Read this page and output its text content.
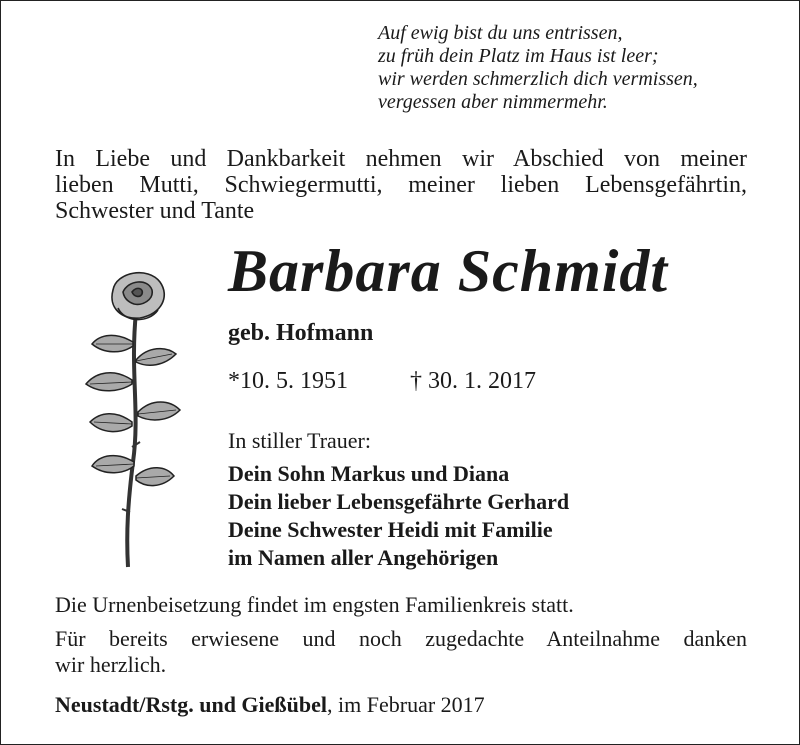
Auf ewig bist du uns entrissen,
zu früh dein Platz im Haus ist leer;
wir werden schmerzlich dich vermissen,
vergessen aber nimmermehr.
In Liebe und Dankbarkeit nehmen wir Abschied von meiner
lieben Mutti, Schwiegermutti, meiner lieben Lebensgefährtin,
Schwester und Tante
Barbara Schmidt
geb. Hofmann
*10. 5. 1951	† 30. 1. 2017
In stiller Trauer:
Dein Sohn Markus und Diana
Dein lieber Lebensgefährte Gerhard
Deine Schwester Heidi mit Familie
im Namen aller Angehörigen
Die Urnenbeisetzung findet im engsten Familienkreis statt.
Für bereits erwiesene und noch zugedachte Anteilnahme danken
wir herzlich.
Neustadt/Rstg. und Gießübel, im Februar 2017
